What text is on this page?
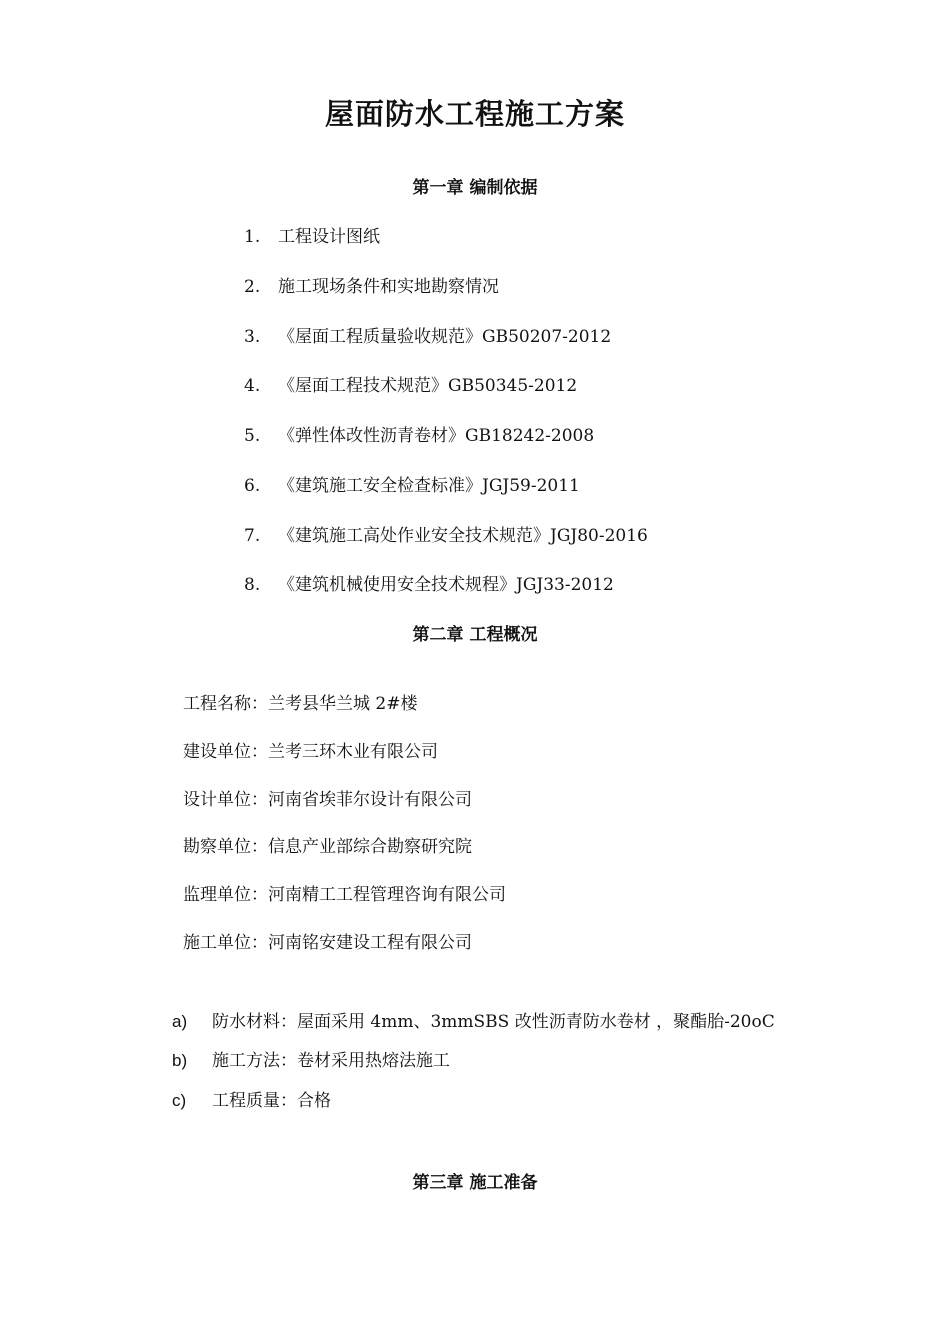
屋面防水工程施工方案
第一章 编制依据
1. 工程设计图纸
2. 施工现场条件和实地勘察情况
3. 《屋面工程质量验收规范》GB50207-2012
4. 《屋面工程技术规范》GB50345-2012
5. 《弹性体改性沥青卷材》GB18242-2008
6. 《建筑施工安全检查标准》JGJ59-2011
7. 《建筑施工高处作业安全技术规范》JGJ80-2016
8. 《建筑机械使用安全技术规程》JGJ33-2012
第二章 工程概况
工程名称：兰考县华兰城 2#楼
建设单位：兰考三环木业有限公司
设计单位：河南省埃菲尔设计有限公司
勘察单位：信息产业部综合勘察研究院
监理单位：河南精工工程管理咨询有限公司
施工单位：河南铭安建设工程有限公司
a) 防水材料：屋面采用 4mm、3mmSBS 改性沥青防水卷材 ，聚酯胎-20oC
b) 施工方法：卷材采用热熔法施工
c) 工程质量：合格
第三章 施工准备
